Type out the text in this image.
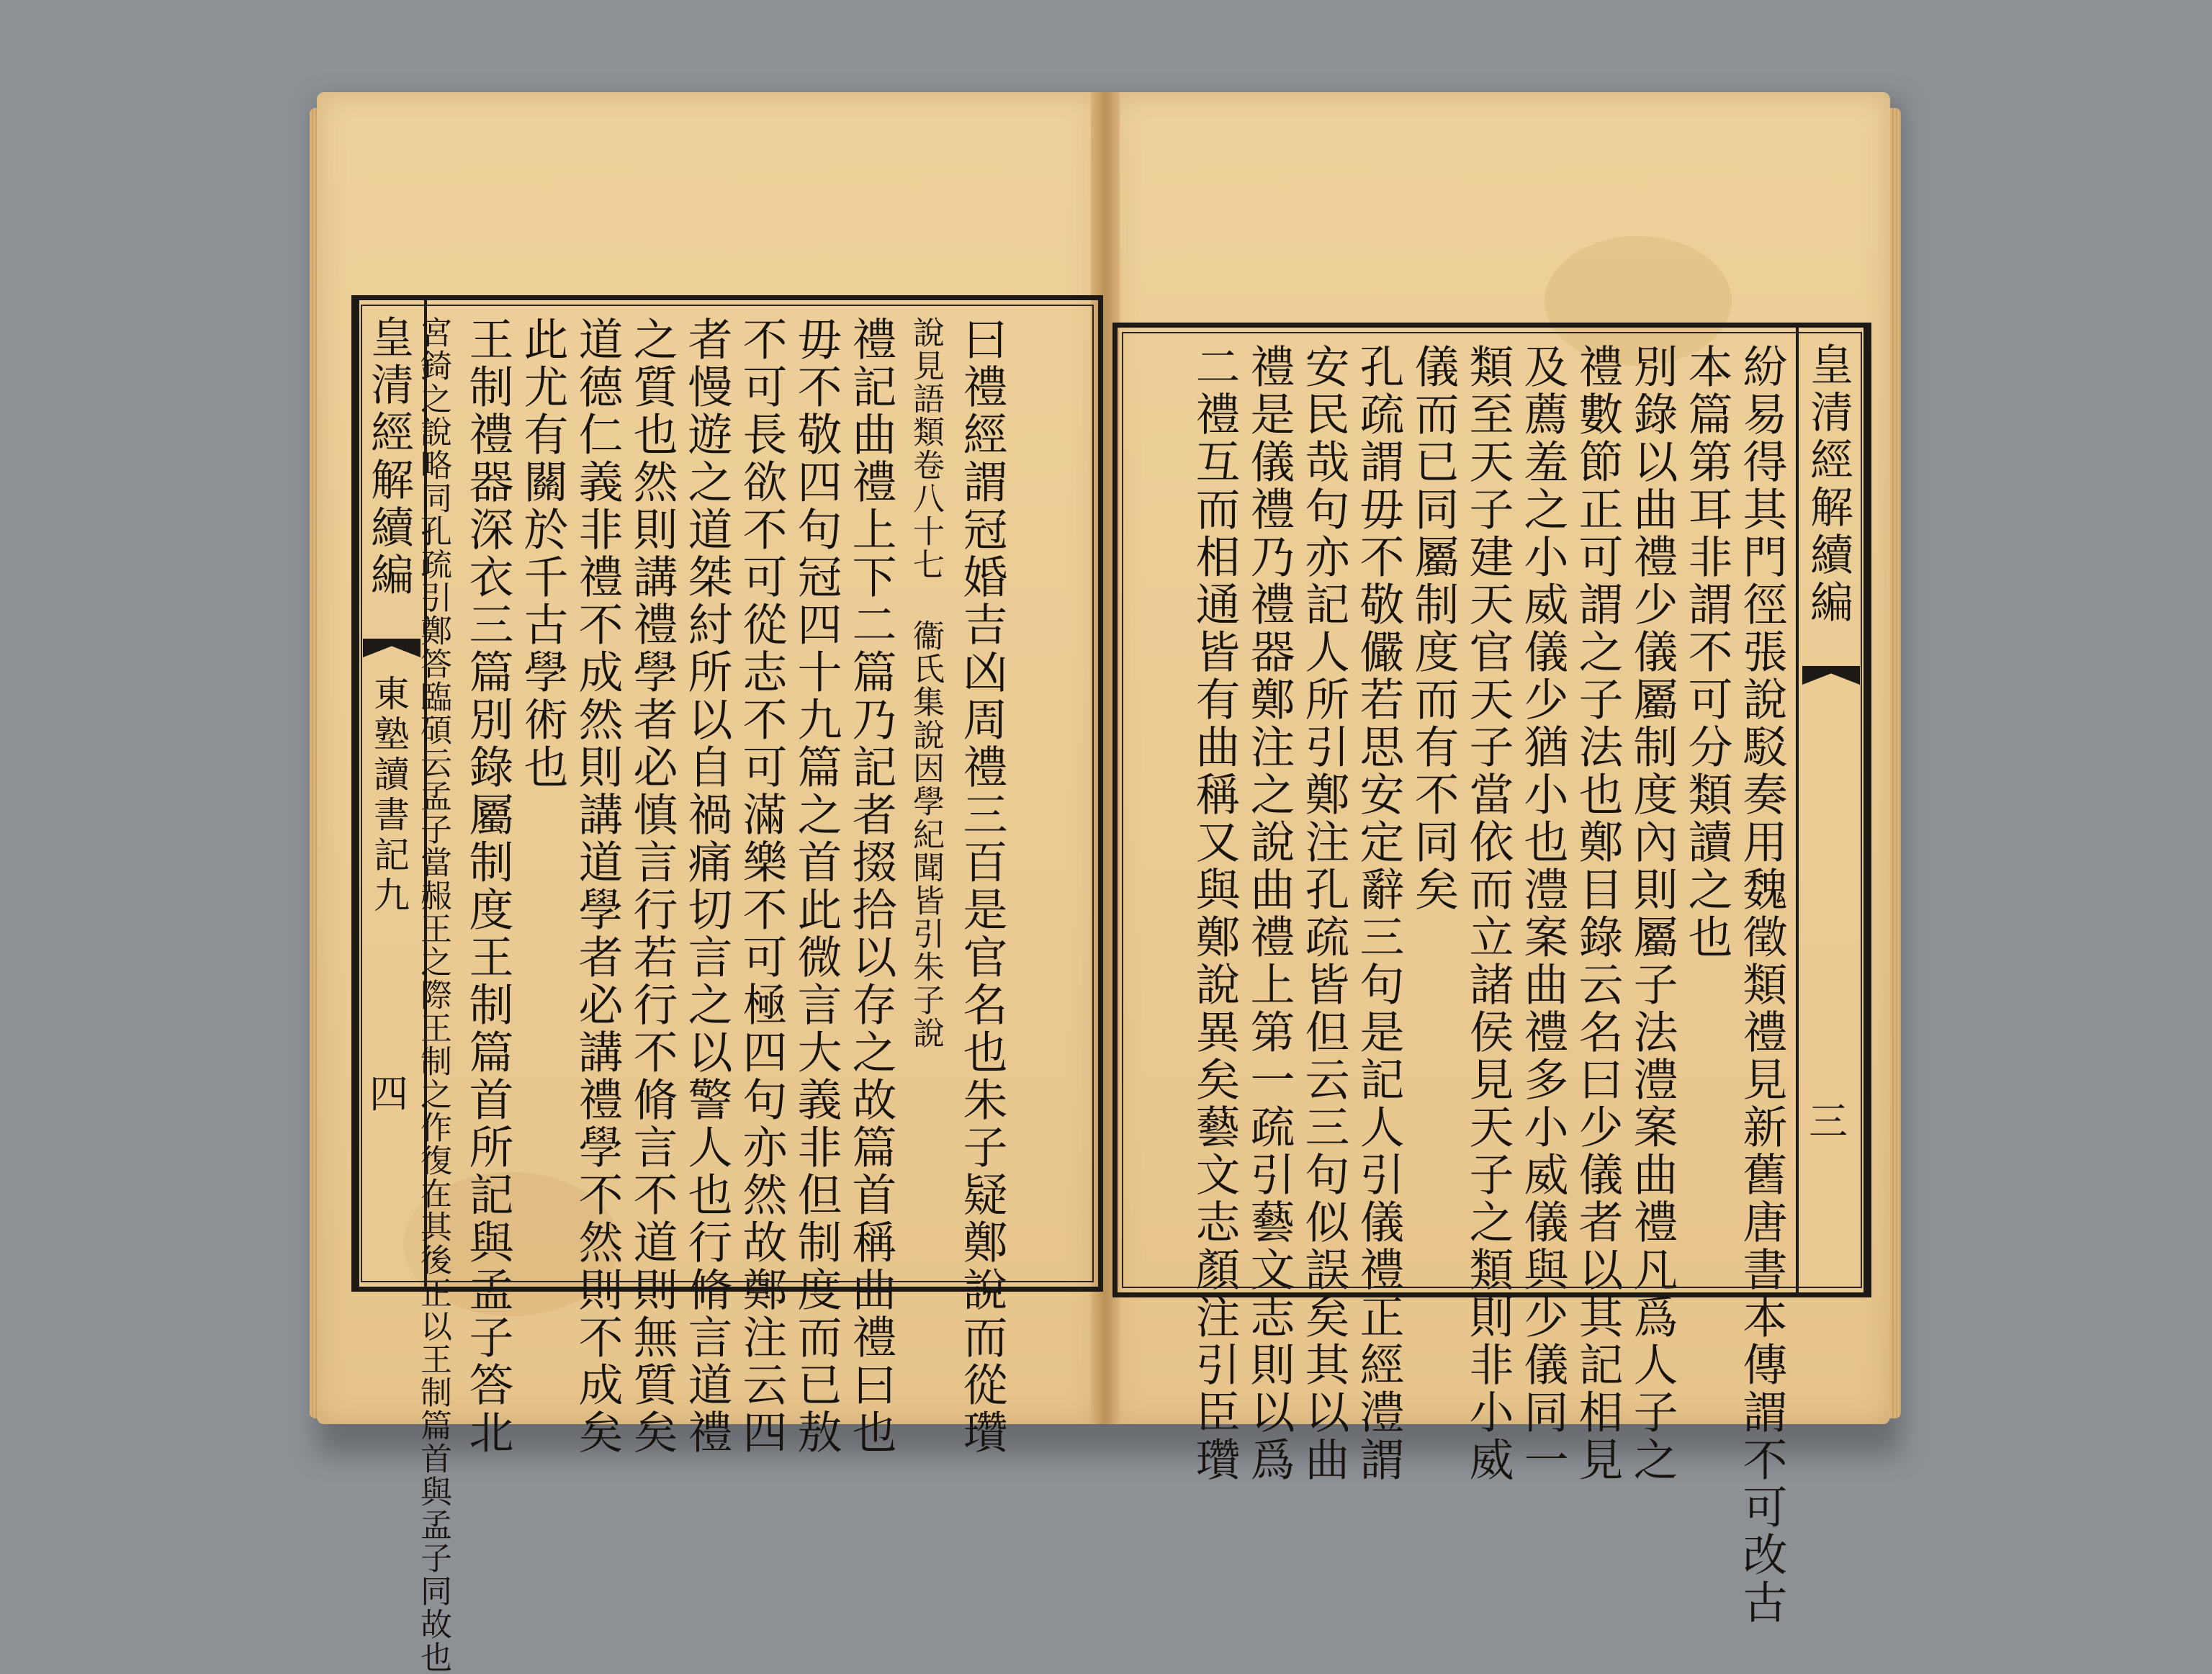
皇清經解續編
東塾讀書記九
四	曰禮經謂冠婚吉凶周禮三百是官名也朱子疑鄭說而從瓚
說見語類卷八十七 衞氏集說因學紀聞皆引朱子說
禮記曲禮上下二篇乃記者掇拾以存之故篇首稱曲禮曰也
毋不敬四句冠四十九篇之首此微言大義非但制度而已敖
不可長欲不可從志不可滿樂不可極四句亦然故鄭注云四
者慢遊之道桀紂所以自禍痛切言之以警人也行脩言道禮
之質也然則講禮學者必慎言行若行不脩言不道則無質矣
道德仁義非禮不成然則講道學者必講禮學不然則不成矣
此尤有關於千古學術也
王制禮器深衣三篇別錄屬制度王制篇首所記與孟子答北
宮錡之說略同孔疏引鄭答臨碩云孟子當赧王之際王制之作復在其後正以王制篇首與孟子同故也	皇清經解續編
三
紛易得其門徑張說駁奏用魏徵類禮見新舊唐書本傳謂不可改古
本篇第耳非謂不可分類讀之也
別錄以曲禮少儀屬制度內則屬子法澧案曲禮凡爲人子之
禮數節正可謂之子法也鄭目錄云名曰少儀者以其記相見
及薦羞之小威儀少猶小也澧案曲禮多小威儀與少儀同一
類至天子建天官天子當依而立諸侯見天子之類則非小威
儀而已同屬制度而有不同矣
孔疏謂毋不敬儼若思安定辭三句是記人引儀禮正經澧謂
安民哉句亦記人所引鄭注孔疏皆但云三句似誤矣其以曲
禮是儀禮乃禮器鄭注之說曲禮上第一疏引藝文志則以爲
二禮互而相通皆有曲稱又與鄭說異矣藝文志顏注引臣瓚
